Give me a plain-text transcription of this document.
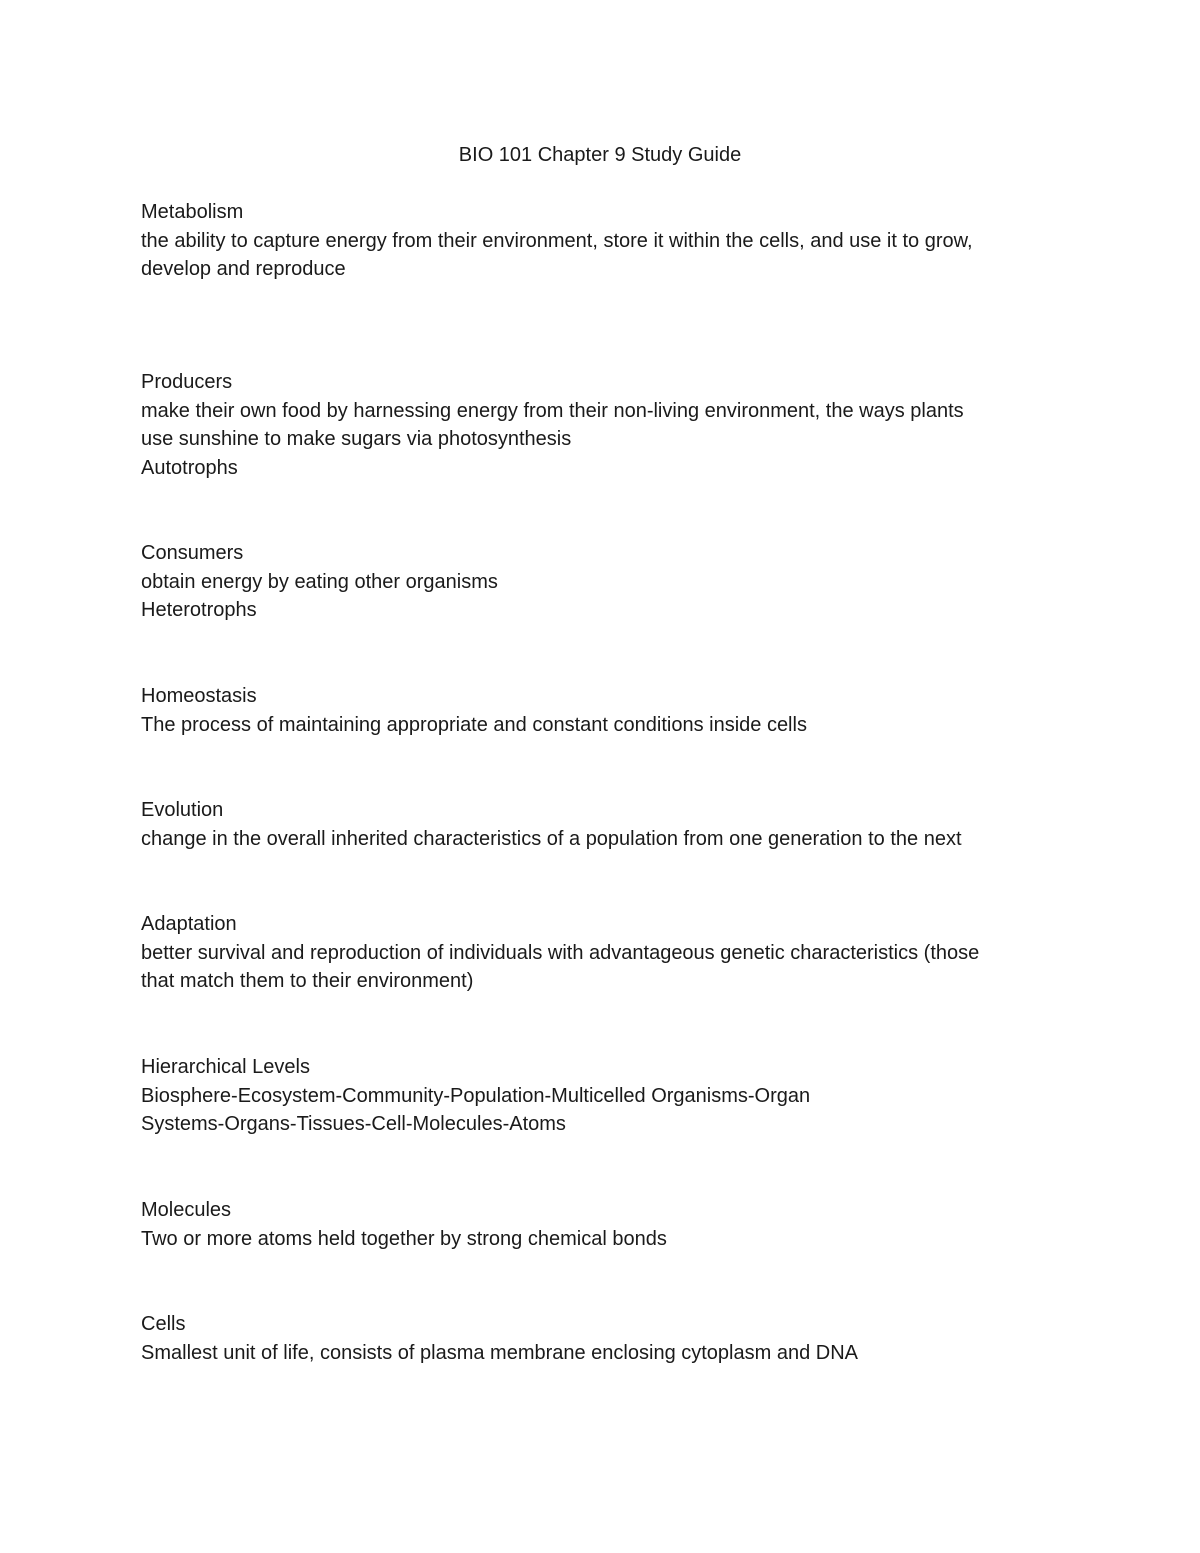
BIO 101 Chapter 9 Study Guide
Metabolism
the ability to capture energy from their environment, store it within the cells, and use it to grow,
develop and reproduce
Producers
make their own food by harnessing energy from their non-living environment, the ways plants
use sunshine to make sugars via photosynthesis
Autotrophs
Consumers
obtain energy by eating other organisms
Heterotrophs
Homeostasis
The process of maintaining appropriate and constant conditions inside cells
Evolution
change in the overall inherited characteristics of a population from one generation to the next
Adaptation
better survival and reproduction of individuals with advantageous genetic characteristics (those
that match them to their environment)
Hierarchical Levels
Biosphere-Ecosystem-Community-Population-Multicelled Organisms-Organ
Systems-Organs-Tissues-Cell-Molecules-Atoms
Molecules
Two or more atoms held together by strong chemical bonds
Cells
Smallest unit of life, consists of plasma membrane enclosing cytoplasm and DNA
